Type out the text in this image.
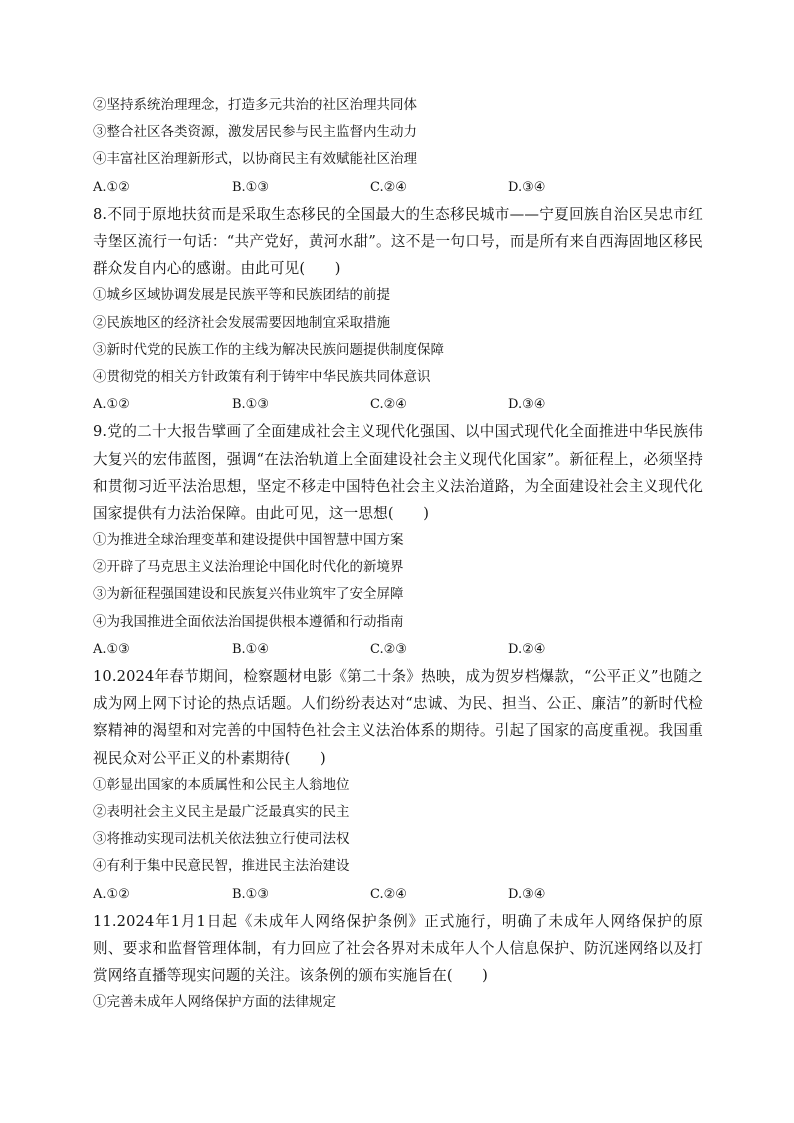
②坚持系统治理理念，打造多元共治的社区治理共同体
③整合社区各类资源，激发居民参与民主监督内生动力
④丰富社区治理新形式，以协商民主有效赋能社区治理
A.①②	B.①③	C.②④	D.③④
8.不同于原地扶贫而是采取生态移民的全国最大的生态移民城市——宁夏回族自治区吴忠市红寺堡区流行一句话：“共产党好，黄河水甜”。这不是一句口号，而是所有来自西海固地区移民群众发自内心的感谢。由此可见(　　)
①城乡区域协调发展是民族平等和民族团结的前提
②民族地区的经济社会发展需要因地制宜采取措施
③新时代党的民族工作的主线为解决民族问题提供制度保障
④贯彻党的相关方针政策有利于铸牢中华民族共同体意识
A.①②	B.①③	C.②④	D.③④
9.党的二十大报告擘画了全面建成社会主义现代化强国、以中国式现代化全面推进中华民族伟大复兴的宏伟蓝图，强调“在法治轨道上全面建设社会主义现代化国家”。新征程上，必须坚持和贯彻习近平法治思想，坚定不移走中国特色社会主义法治道路，为全面建设社会主义现代化国家提供有力法治保障。由此可见，这一思想(　　)
①为推进全球治理变革和建设提供中国智慧中国方案
②开辟了马克思主义法治理论中国化时代化的新境界
③为新征程强国建设和民族复兴伟业筑牢了安全屏障
④为我国推进全面依法治国提供根本遵循和行动指南
A.①③	B.①④	C.②③	D.②④
10.2024年春节期间，检察题材电影《第二十条》热映，成为贺岁档爆款，“公平正义”也随之成为网上网下讨论的热点话题。人们纷纷表达对“忠诚、为民、担当、公正、廉洁”的新时代检察精神的渴望和对完善的中国特色社会主义法治体系的期待。引起了国家的高度重视。我国重视民众对公平正义的朴素期待(　　)
①彰显出国家的本质属性和公民主人翁地位
②表明社会主义民主是最广泛最真实的民主
③将推动实现司法机关依法独立行使司法权
④有利于集中民意民智，推进民主法治建设
A.①②	B.①③	C.②④	D.③④
11.2024年1月1日起《未成年人网络保护条例》正式施行，明确了未成年人网络保护的原则、要求和监督管理体制，有力回应了社会各界对未成年人个人信息保护、防沉迷网络以及打赏网络直播等现实问题的关注。该条例的颁布实施旨在(　　)
①完善未成年人网络保护方面的法律规定
